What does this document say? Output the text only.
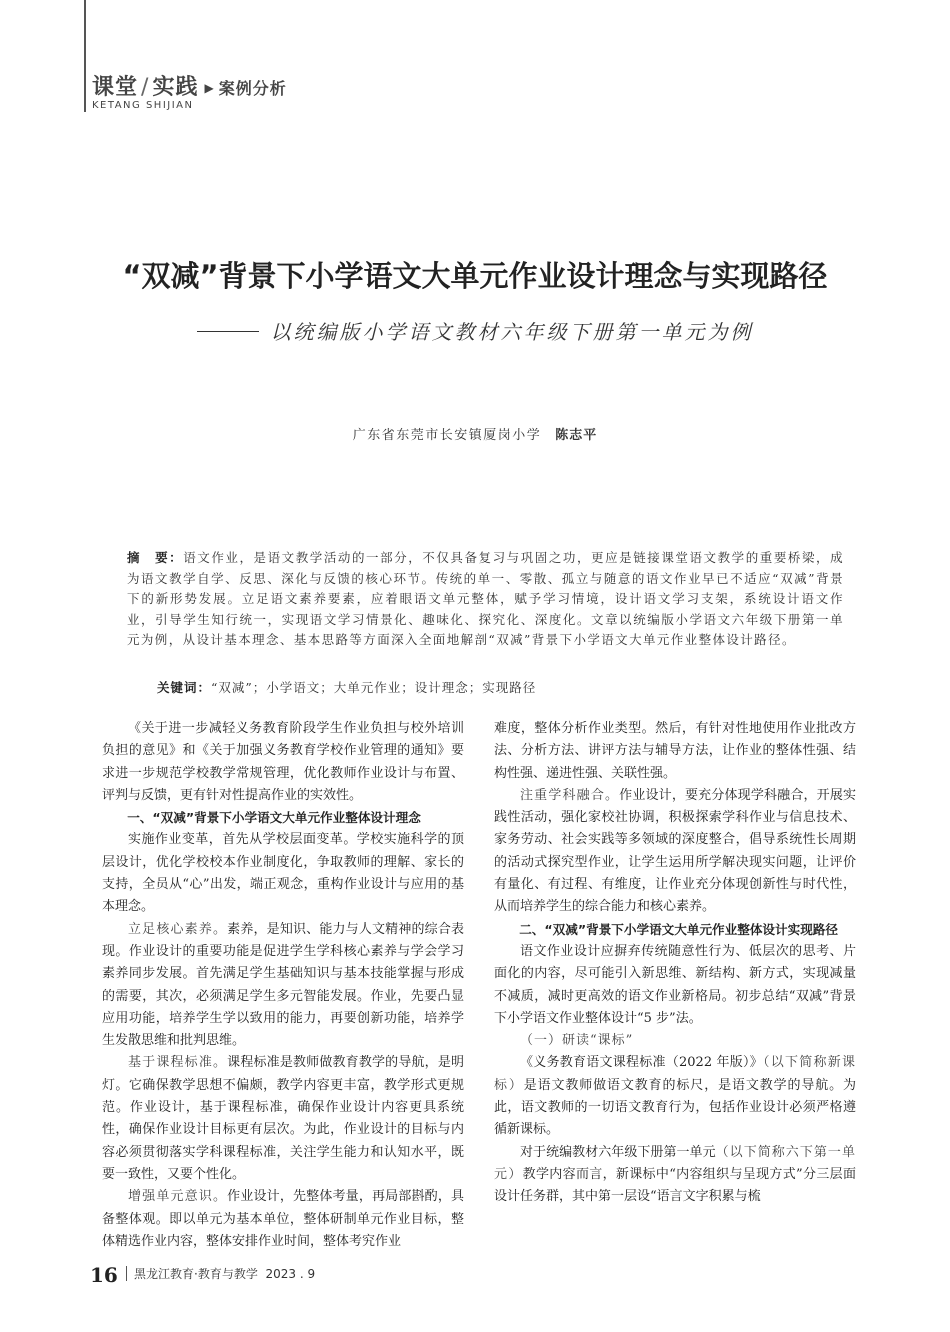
课堂 / 实践 ▶ 案例分析
KETANG SHIJIAN
“双减”背景下小学语文大单元作业设计理念与实现路径
以统编版小学语文教材六年级下册第一单元为例
广东省东莞市长安镇厦岗小学 陈志平
摘　要：语文作业，是语文教学活动的一部分，不仅具备复习与巩固之功，更应是链接课堂语文教学的重要桥梁，成为语文教学自学、反思、深化与反馈的核心环节。传统的单一、零散、孤立与随意的语文作业早已不适应“双减”背景下的新形势发展。立足语文素养要素，应着眼语文单元整体，赋予学习情境，设计语文学习支架，系统设计语文作业，引导学生知行统一，实现语文学习情景化、趣味化、探究化、深度化。文章以统编版小学语文六年级下册第一单元为例，从设计基本理念、基本思路等方面深入全面地解剖“双减”背景下小学语文大单元作业整体设计路径。
关键词：“双减”；小学语文；大单元作业；设计理念；实现路径

《关于进一步减轻义务教育阶段学生作业负担与校外培训负担的意见》和《关于加强义务教育学校作业管理的通知》要求进一步规范学校教学常规管理，优化教师作业设计与布置、评判与反馈，更有针对性提高作业的实效性。

一、“双减”背景下小学语文大单元作业整体设计理念

实施作业变革，首先从学校层面变革。学校实施科学的顶层设计，优化学校校本作业制度化，争取教师的理解、家长的支持，全员从“心”出发，端正观念，重构作业设计与应用的基本理念。

立足核心素养。素养，是知识、能力与人文精神的综合表现。作业设计的重要功能是促进学生学科核心素养与学会学习素养同步发展。首先满足学生基础知识与基本技能掌握与形成的需要，其次，必须满足学生多元智能发展。作业，先要凸显应用功能，培养学生学以致用的能力，再要创新功能，培养学生发散思维和批判思维。

基于课程标准。课程标准是教师做教育教学的导航，是明灯。它确保教学思想不偏颇，教学内容更丰富，教学形式更规范。作业设计，基于课程标准，确保作业设计内容更具系统性，确保作业设计目标更有层次。为此，作业设计的目标与内容必须贯彻落实学科课程标准，关注学生能力和认知水平，既要一致性，又要个性化。

增强单元意识。作业设计，先整体考量，再局部斟酌，具备整体观。即以单元为基本单位，整体研制单元作业目标，整体精选作业内容，整体安排作业时间，整体考究作业

难度，整体分析作业类型。然后，有针对性地使用作业批改方法、分析方法、讲评方法与辅导方法，让作业的整体性强、结构性强、递进性强、关联性强。

注重学科融合。作业设计，要充分体现学科融合，开展实践性活动，强化家校社协调，积极探索学科作业与信息技术、家务劳动、社会实践等多领域的深度整合，倡导系统性长周期的活动式探究型作业，让学生运用所学解决现实问题，让评价有量化、有过程、有维度，让作业充分体现创新性与时代性，从而培养学生的综合能力和核心素养。

二、“双减”背景下小学语文大单元作业整体设计实现路径

语文作业设计应摒弃传统随意性行为、低层次的思考、片面化的内容，尽可能引入新思维、新结构、新方式，实现减量不减质，减时更高效的语文作业新格局。初步总结“双减”背景下小学语文作业整体设计“5 步”法。

（一）研读“课标”

《义务教育语文课程标准（2022 年版）》（以下简称新课标）是语文教师做语文教育的标尺，是语文教学的导航。为此，语文教师的一切语文教育行为，包括作业设计必须严格遵循新课标。

对于统编教材六年级下册第一单元（以下简称六下第一单元）教学内容而言，新课标中“内容组织与呈现方式”分三层面设计任务群，其中第一层设“语言文字积累与梳

16 黑龙江教育·教育与教学 2023 . 9
